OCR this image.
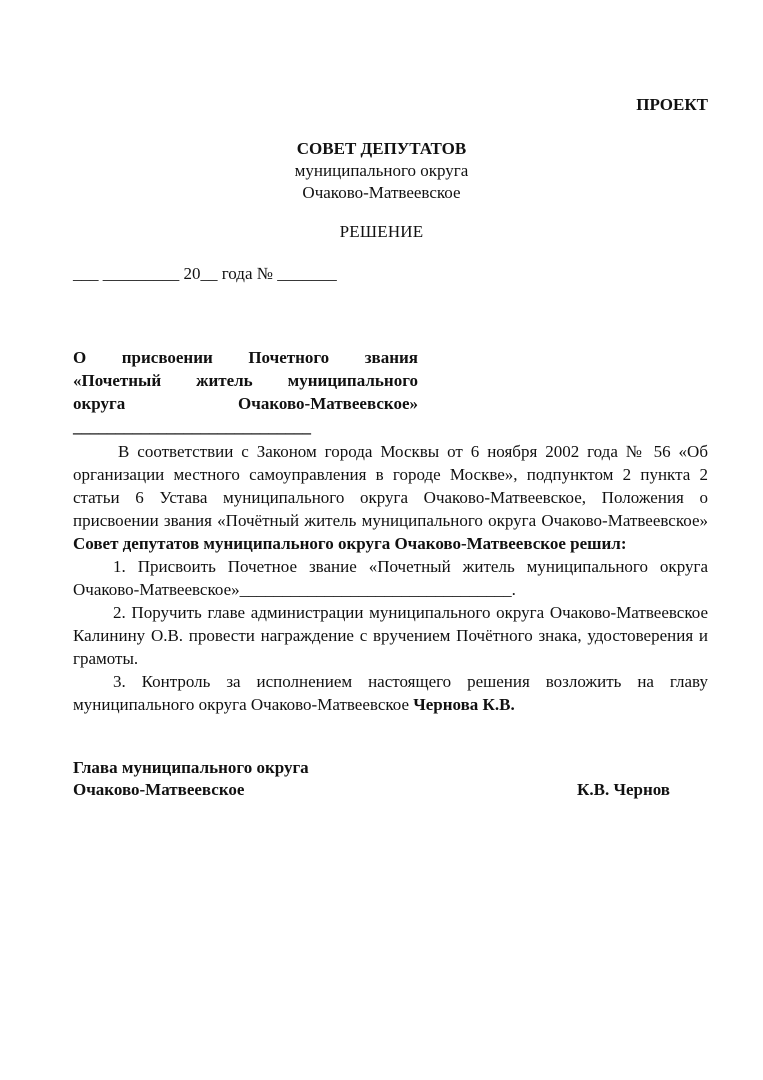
ПРОЕКТ
СОВЕТ ДЕПУТАТОВ
муниципального округа
Очаково-Матвеевское
РЕШЕНИЕ
___ _________ 20__ года № _______
О присвоении Почетного звания
«Почетный житель муниципального
округа Очаково-Матвеевское»
____________________________

В соответствии с Законом города Москвы от 6 ноября 2002 года № 56 «Об организации местного самоуправления в городе Москве», подпунктом 2 пункта 2 статьи 6 Устава муниципального округа Очаково-Матвеевское, Положения о присвоении звания «Почётный житель муниципального округа Очаково-Матвеевское» Совет депутатов муниципального округа Очаково-Матвеевское решил:

1. Присвоить Почетное звание «Почетный житель муниципального округа Очаково-Матвеевское»________________________________.

2. Поручить главе администрации муниципального округа Очаково-Матвеевское Калинину О.В. провести награждение с вручением Почётного знака, удостоверения и грамоты.

3. Контроль за исполнением настоящего решения возложить на главу муниципального округа Очаково-Матвеевское Чернова К.В.

Глава муниципального округа
Очаково-Матвеевское	К.В. Чернов
